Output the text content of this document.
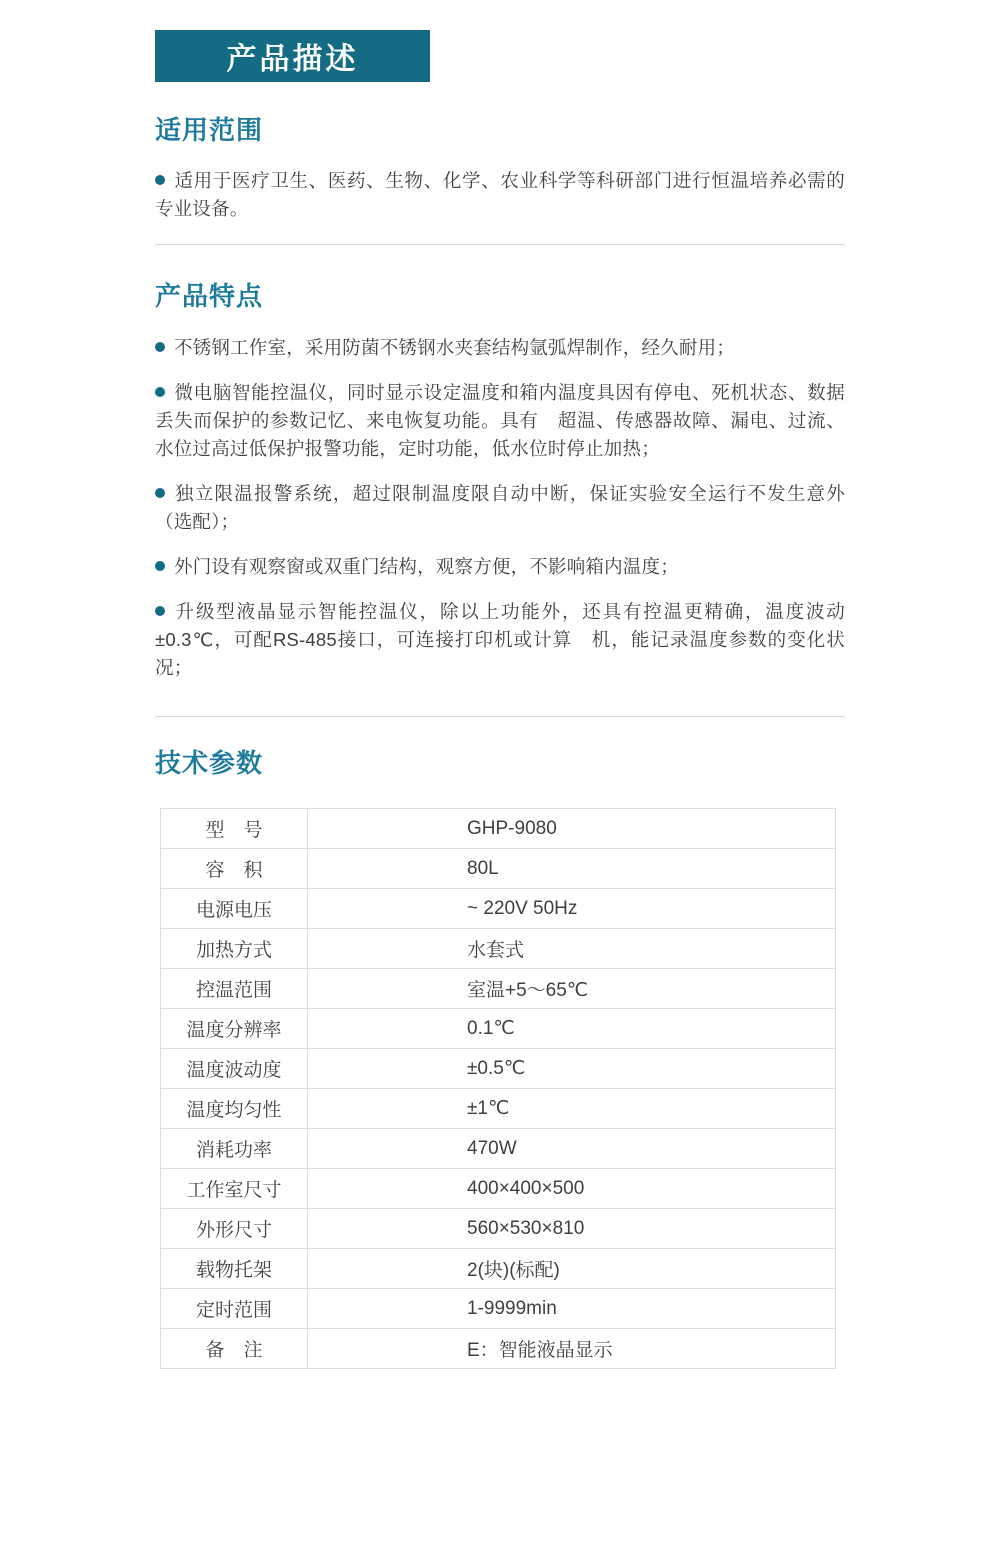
产品描述
适用范围

适用于医疗卫生、医药、生物、化学、农业科学等科研部门进行恒温培养必需的专业设备。

产品特点

不锈钢工作室，采用防菌不锈钢水夹套结构氩弧焊制作，经久耐用；

微电脑智能控温仪，同时显示设定温度和箱内温度具因有停电、死机状态、数据丢失而保护的参数记忆、来电恢复功能。具有　超温、传感器故障、漏电、过流、水位过高过低保护报警功能，定时功能，低水位时停止加热；

独立限温报警系统，超过限制温度限自动中断，保证实验安全运行不发生意外（选配）；

外门设有观察窗或双重门结构，观察方便，不影响箱内温度；

升级型液晶显示智能控温仪，除以上功能外，还具有控温更精确，温度波动±0.3℃，可配RS-485接口，可连接打印机或计算　机，能记录温度参数的变化状况；

技术参数
型　号	GHP-9080
容　积	80L
电源电压	~ 220V 50Hz
加热方式	水套式
控温范围	室温+5～65℃
温度分辨率	0.1℃
温度波动度	±0.5℃
温度均匀性	±1℃
消耗功率	470W
工作室尺寸	400×400×500
外形尺寸	560×530×810
载物托架	2(块)(标配)
定时范围	1-9999min
备　注	E：智能液晶显示
